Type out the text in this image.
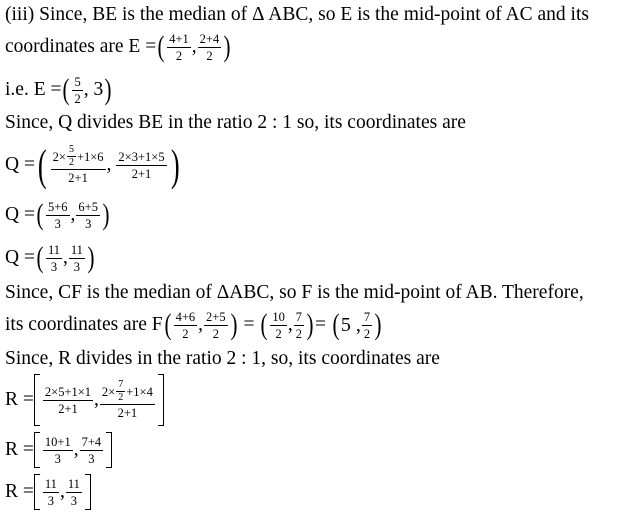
(iii) Since, BE is the median of Δ ABC, so E is the mid-point of AC and its
coordinates are E = ( $\frac{4+1}{2}$ , $\frac{2+4}{2}$ )
i.e. E = ( $\frac{5}{2}$ , 3 )
Since, Q divides BE in the ratio 2 : 1 so, its coordinates are
Q = ( $\frac{2\times \frac{5}{2} +1\times 6}{2+1}$ , $\frac{2\times 3+1\times 5}{2+1}$ )
Q = ( $\frac{5+6}{3}$ , $\frac{6+5}{3}$ )
Q = ( $\frac{11}{3}$ , $\frac{11}{3}$ )
Since, CF is the median of ΔABC, so F is the mid-point of AB. Therefore,
its coordinates are F ( $\frac{4+6}{2}$ , $\frac{2+5}{2}$ ) = ( $\frac{10}{2}$ , $\frac{7}{2}$ ) = ( 5 , $\frac{7}{2}$ )
Since, R divides in the ratio 2 : 1, so, its coordinates are
$R = \frac{2\times 5+1\times 1}{2+1}$ , $\frac{2\times \frac{7}{2} +1\times 4}{2+1}$
$R = \frac{10+1}{3}$ , $\frac{7+4}{3}$
$R = \frac{11}{3}$ , $\frac{11}{3}$
